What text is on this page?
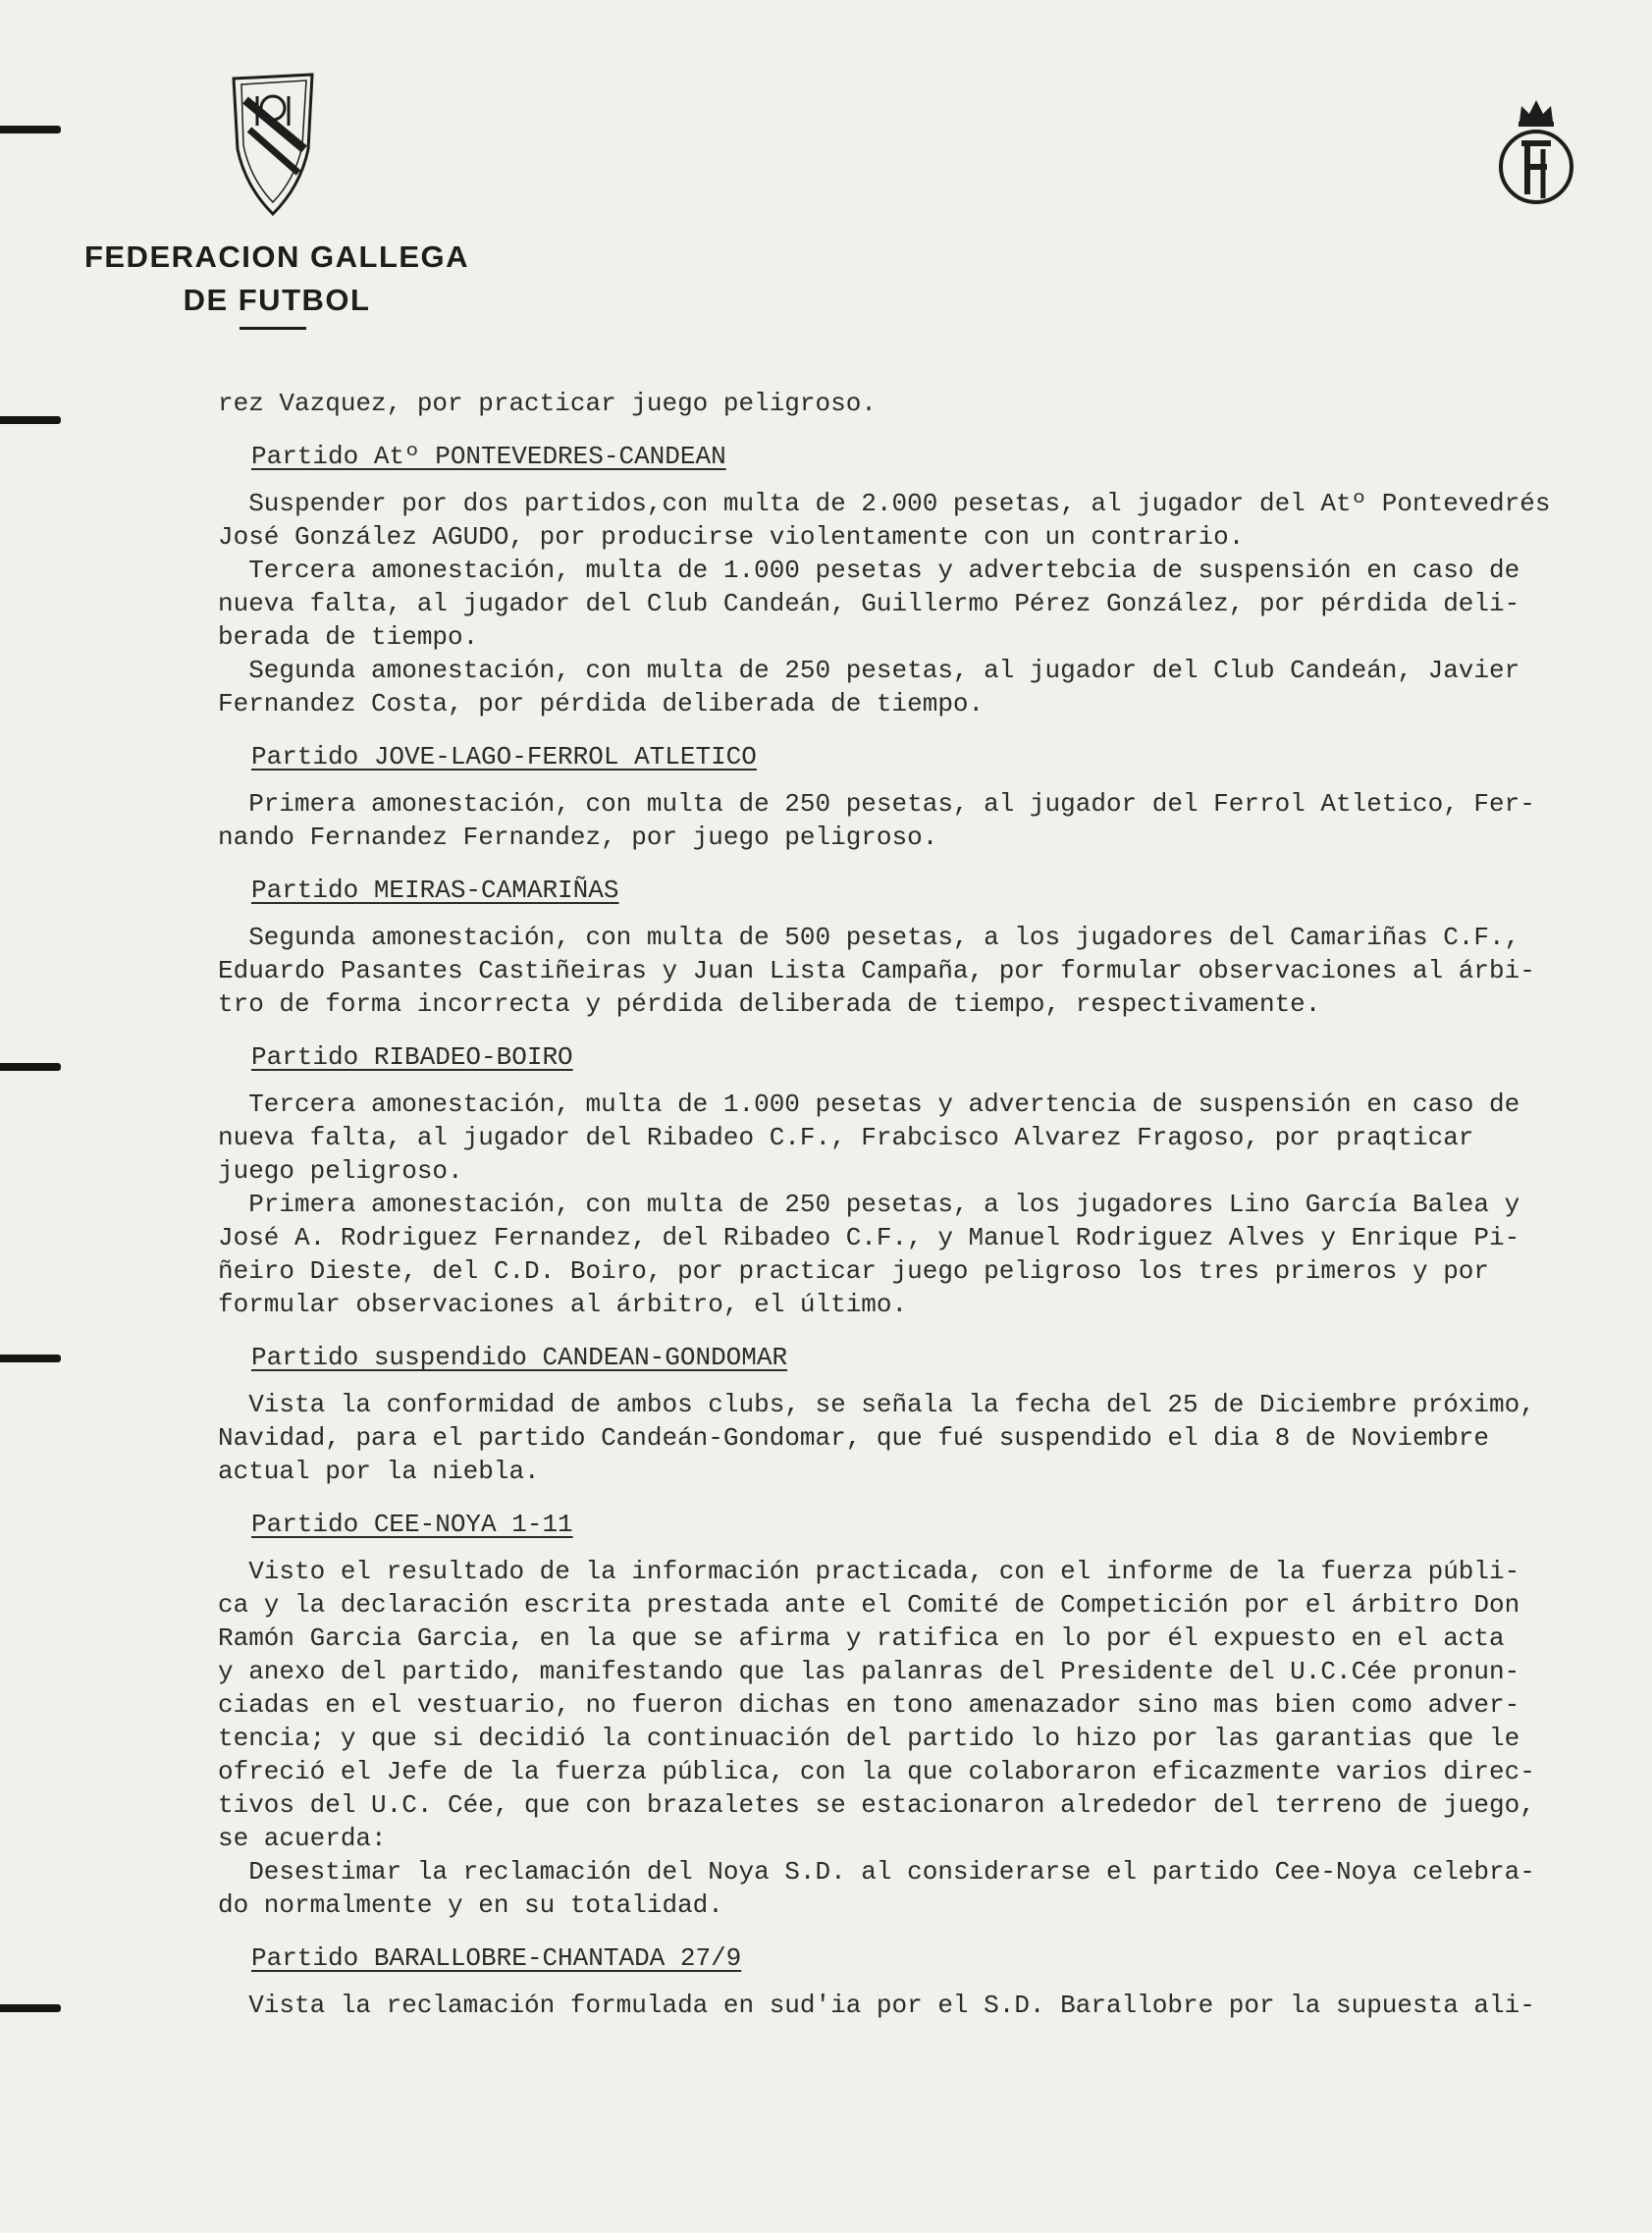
FEDERACION GALLEGA
DE FUTBOL
rez Vazquez, por practicar juego peligroso.
Partido Atº PONTEVEDRES-CANDEAN
Suspender por dos partidos,con multa de 2.000 pesetas, al jugador del Atº Pontevedrés
José González AGUDO, por producirse violentamente con un contrario.
Tercera amonestación, multa de 1.000 pesetas y advertebcia de suspensión en caso de
nueva falta, al jugador del Club Candeán, Guillermo Pérez González, por pérdida deli-
berada de tiempo.
Segunda amonestación, con multa de 250 pesetas, al jugador del Club Candeán, Javier
Fernandez Costa, por pérdida deliberada de tiempo.
Partido JOVE-LAGO-FERROL ATLETICO
Primera amonestación, con multa de 250 pesetas, al jugador del Ferrol Atletico, Fer-
nando Fernandez Fernandez, por juego peligroso.
Partido MEIRAS-CAMARIÑAS
Segunda amonestación, con multa de 500 pesetas, a los jugadores del Camariñas C.F.,
Eduardo Pasantes Castiñeiras y Juan Lista Campaña, por formular observaciones al árbi-
tro de forma incorrecta y pérdida deliberada de tiempo, respectivamente.
Partido RIBADEO-BOIRO
Tercera amonestación, multa de 1.000 pesetas y advertencia de suspensión en caso de
nueva falta, al jugador del Ribadeo C.F., Frabcisco Alvarez Fragoso, por praqticar
juego peligroso.
Primera amonestación, con multa de 250 pesetas, a los jugadores Lino García Balea y
José A. Rodriguez Fernandez, del Ribadeo C.F., y Manuel Rodriguez Alves y Enrique Pi-
ñeiro Dieste, del C.D. Boiro, por practicar juego peligroso los tres primeros y por
formular observaciones al árbitro, el último.
Partido suspendido CANDEAN-GONDOMAR
Vista la conformidad de ambos clubs, se señala la fecha del 25 de Diciembre próximo,
Navidad, para el partido Candeán-Gondomar, que fué suspendido el dia 8 de Noviembre
actual por la niebla.
Partido CEE-NOYA 1-11
Visto el resultado de la información practicada, con el informe de la fuerza públi-
ca y la declaración escrita prestada ante el Comité de Competición por el árbitro Don
Ramón Garcia Garcia, en la que se afirma y ratifica en lo por él expuesto en el acta
y anexo del partido, manifestando que las palanras del Presidente del U.C.Cée pronun-
ciadas en el vestuario, no fueron dichas en tono amenazador sino mas bien como adver-
tencia; y que si decidió la continuación del partido lo hizo por las garantias que le
ofreció el Jefe de la fuerza pública, con la que colaboraron eficazmente varios direc-
tivos del U.C. Cée, que con brazaletes se estacionaron alrededor del terreno de juego,
se acuerda:
Desestimar la reclamación del Noya S.D. al considerarse el partido Cee-Noya celebra-
do normalmente y en su totalidad.
Partido BARALLOBRE-CHANTADA 27/9
Vista la reclamación formulada en sud'ia por el S.D. Barallobre por la supuesta ali-
